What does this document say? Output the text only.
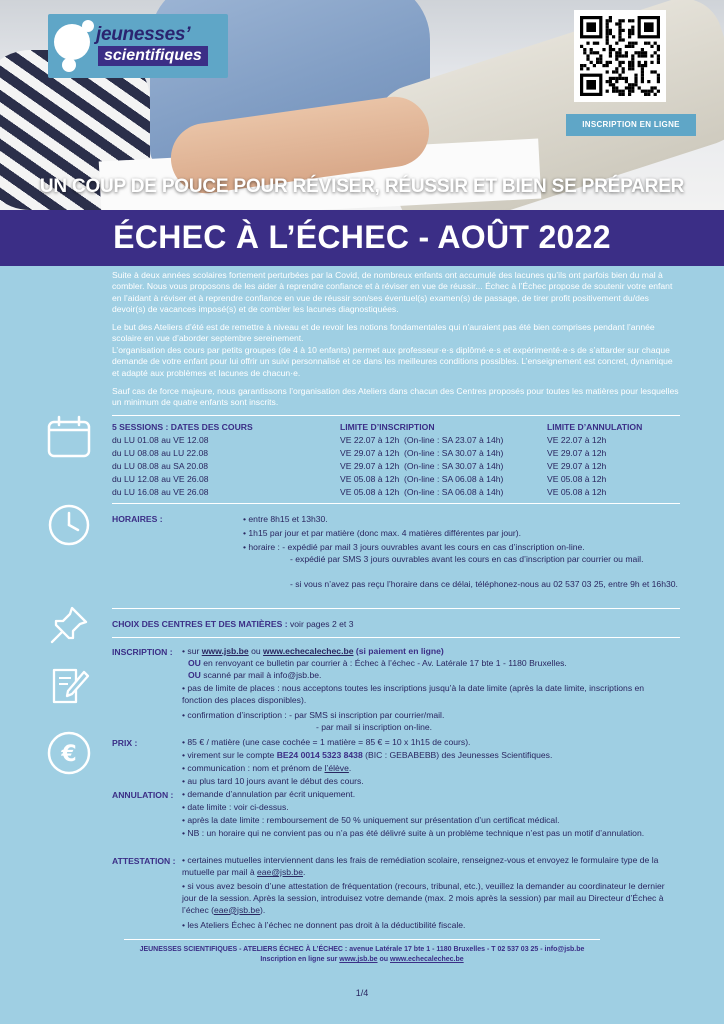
jeunesses’
scientifiques
INSCRIPTION EN LIGNE
UN COUP DE POUCE POUR RÉVISER, RÉUSSIR ET BIEN SE PRÉPARER
ÉCHEC À L’ÉCHEC - AOÛT 2022
Suite à deux années scolaires fortement perturbées par la Covid, de nombreux enfants ont accumulé des lacunes qu’ils ont parfois bien du mal à combler. Nous vous proposons de les aider à reprendre confiance et à réviser en vue de réussir... Échec à l’Échec propose de soutenir votre enfant en l’aidant à réviser et à reprendre confiance en vue de réussir son/ses éventuel(s) examen(s) de passage, de tirer profit positivement du/des devoir(s) de vacances imposé(s) et de combler les lacunes diagnostiquées.
Le but des Ateliers d’été est de remettre à niveau et de revoir les notions fondamentales qui n’auraient pas été bien comprises pendant l’année scolaire en vue d’aborder septembre sereinement.
L’organisation des cours par petits groupes (de 4 à 10 enfants) permet aux professeur·e·s diplômé·e·s et expérimenté·e·s de s’attarder sur chaque demande de votre enfant pour lui offrir un suivi personnalisé et ce dans les meilleures conditions possibles. L’enseignement est concret, dynamique et adapté aux problèmes et lacunes de chacun·e.
Sauf cas de force majeure, nous garantissons l’organisation des Ateliers dans chacun des Centres proposés pour toutes les matières pour lesquelles un minimum de quatre enfants sont inscrits.
5 SESSIONS : DATES DES COURS	LIMITE D’INSCRIPTION	LIMITE D’ANNULATION
du LU 01.08 au VE 12.08	VE 22.07 à 12h (On-line : SA 23.07 à 14h)	VE 22.07 à 12h
du LU 08.08 au LU 22.08	VE 29.07 à 12h (On-line : SA 30.07 à 14h)	VE 29.07 à 12h
du LU 08.08 au SA 20.08	VE 29.07 à 12h (On-line : SA 30.07 à 14h)	VE 29.07 à 12h
du LU 12.08 au VE 26.08	VE 05.08 à 12h (On-line : SA 06.08 à 14h)	VE 05.08 à 12h
du LU 16.08 au VE 26.08	VE 05.08 à 12h (On-line : SA 06.08 à 14h)	VE 05.08 à 12h
HORAIRES :	• entre 8h15 et 13h30.
• 1h15 par jour et par matière (donc max. 4 matières différentes par jour).
• horaire : - expédié par mail 3 jours ouvrables avant les cours en cas d’inscription on-line.
- expédié par SMS 3 jours ouvrables avant les cours en cas d’inscription par courrier ou mail.
- si vous n’avez pas reçu l’horaire dans ce délai, téléphonez-nous au 02 537 03 25, entre 9h et 16h30.
CHOIX DES CENTRES ET DES MATIÈRES : voir pages 2 et 3
€
INSCRIPTION : • sur www.jsb.be ou www.echecalechec.be (si paiement en ligne)
OU en renvoyant ce bulletin par courrier à : Échec à l’échec - Av. Latérale 17 bte 1 - 1180 Bruxelles.
OU scanné par mail à info@jsb.be.
• pas de limite de places : nous acceptons toutes les inscriptions jusqu’à la date limite (après la date limite, inscriptions en fonction des places disponibles).
• confirmation d’inscription : - par SMS si inscription par courrier/mail.
- par mail si inscription on-line.
PRIX :	• 85 € / matière (une case cochée = 1 matière = 85 € = 10 x 1h15 de cours).
• virement sur le compte BE24 0014 5323 8438 (BIC : GEBABEBB) des Jeunesses Scientifiques.
• communication : nom et prénom de l’élève.
• au plus tard 10 jours avant le début des cours.
ANNULATION : • demande d’annulation par écrit uniquement.
• date limite : voir ci-dessus.
• après la date limite : remboursement de 50 % uniquement sur présentation d’un certificat médical.
• NB : un horaire qui ne convient pas ou n’a pas été délivré suite à un problème technique n’est pas un motif d’annulation.
ATTESTATION : • certaines mutuelles interviennent dans les frais de remédiation scolaire, renseignez-vous et envoyez le formulaire type de la mutuelle par mail à eae@jsb.be.
• si vous avez besoin d’une attestation de fréquentation (recours, tribunal, etc.), veuillez la demander au coordinateur le dernier jour de la session. Après la session, introduisez votre demande (max. 2 mois après la session) par mail au Directeur d’Échec à l’échec (eae@jsb.be).
• les Ateliers Échec à l’échec ne donnent pas droit à la déductibilité fiscale.
JEUNESSES SCIENTIFIQUES - ATELIERS ÉCHEC À L’ÉCHEC : avenue Latérale 17 bte 1 - 1180 Bruxelles - T 02 537 03 25 - info@jsb.be
Inscription en ligne sur www.jsb.be ou www.echecalechec.be
1/4
